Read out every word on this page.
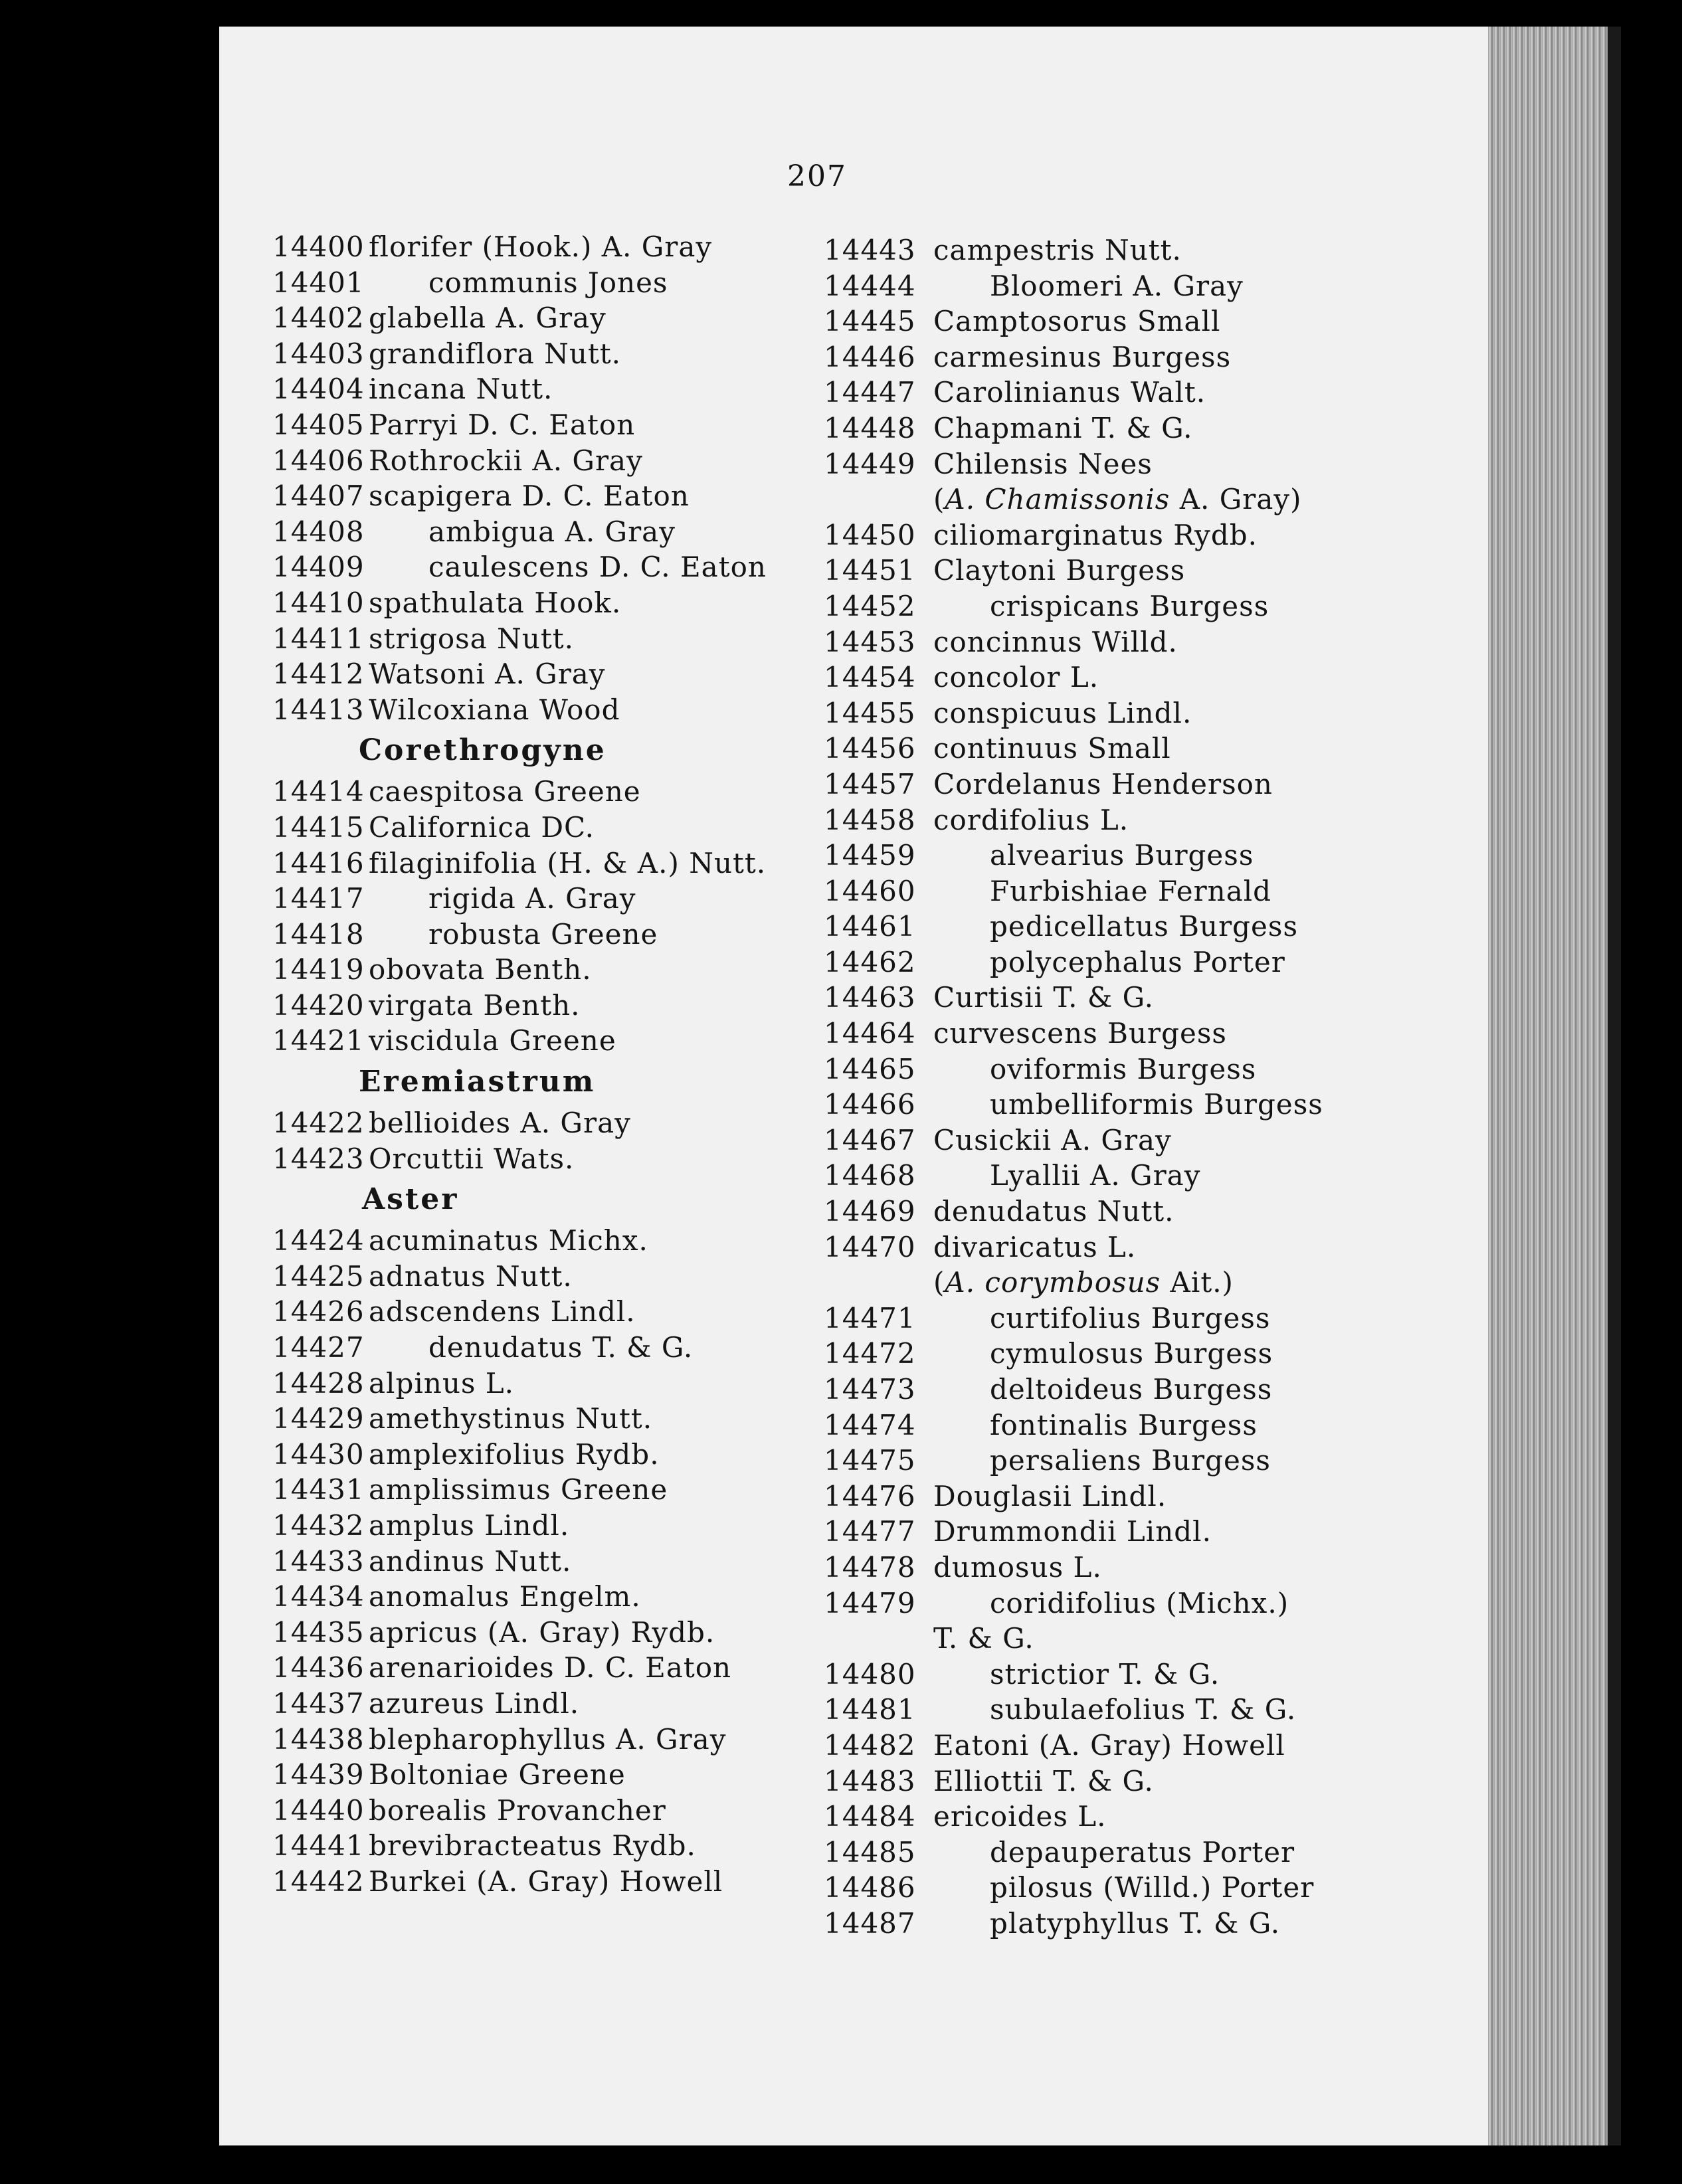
207
14400 florifer (Hook.) A. Gray
14401 communis Jones
14402 glabella A. Gray
14403 grandiflora Nutt.
14404 incana Nutt.
14405 Parryi D. C. Eaton
14406 Rothrockii A. Gray
14407 scapigera D. C. Eaton
14408 ambigua A. Gray
14409 caulescens D. C. Eaton
14410 spathulata Hook.
14411 strigosa Nutt.
14412 Watsoni A. Gray
14413 Wilcoxiana Wood
Corethrogyne
14414 caespitosa Greene
14415 Californica DC.
14416 filaginifolia (H. & A.) Nutt.
14417 rigida A. Gray
14418 robusta Greene
14419 obovata Benth.
14420 virgata Benth.
14421 viscidula Greene
Eremiastrum
14422 bellioides A. Gray
14423 Orcuttii Wats.
Aster
14424 acuminatus Michx.
14425 adnatus Nutt.
14426 adscendens Lindl.
14427 denudatus T. & G.
14428 alpinus L.
14429 amethystinus Nutt.
14430 amplexifolius Rydb.
14431 amplissimus Greene
14432 amplus Lindl.
14433 andinus Nutt.
14434 anomalus Engelm.
14435 apricus (A. Gray) Rydb.
14436 arenarioides D. C. Eaton
14437 azureus Lindl.
14438 blepharophyllus A. Gray
14439 Boltoniae Greene
14440 borealis Provancher
14441 brevibracteatus Rydb.
14442 Burkei (A. Gray) Howell
14443 campestris Nutt.
14444	Bloomeri A. Gray
14445 Camptosorus Small
14446 carmesinus Burgess
14447 Carolinianus Walt.
14448 Chapmani T. & G.
14449 Chilensis Nees
(A. Chamissonis A. Gray)
14450 ciliomarginatus Rydb.
14451 Claytoni Burgess
14452	crispicans Burgess
14453 concinnus Willd.
14454 concolor L.
14455 conspicuus Lindl.
14456 continuus Small
14457 Cordelanus Henderson
14458 cordifolius L.
14459	alvearius Burgess
14460	Furbishiae Fernald
14461	pedicellatus Burgess
14462	polycephalus Porter
14463 Curtisii T. & G.
14464 curvescens Burgess
14465	oviformis Burgess
14466	umbelliformis Burgess
14467 Cusickii A. Gray
14468	Lyallii A. Gray
14469 denudatus Nutt.
14470 divaricatus L.
(A. corymbosus Ait.)
14471	curtifolius Burgess
14472	cymulosus Burgess
14473	deltoideus Burgess
14474	fontinalis Burgess
14475	persaliens Burgess
14476 Douglasii Lindl.
14477 Drummondii Lindl.
14478 dumosus L.
14479	coridifolius (Michx.)
T. & G.
14480	strictior T. & G.
14481	subulaefolius T. & G.
14482 Eatoni (A. Gray) Howell
14483 Elliottii T. & G.
14484 ericoides L.
14485	depauperatus Porter
14486	pilosus (Willd.) Porter
14487	platyphyllus T. & G.
